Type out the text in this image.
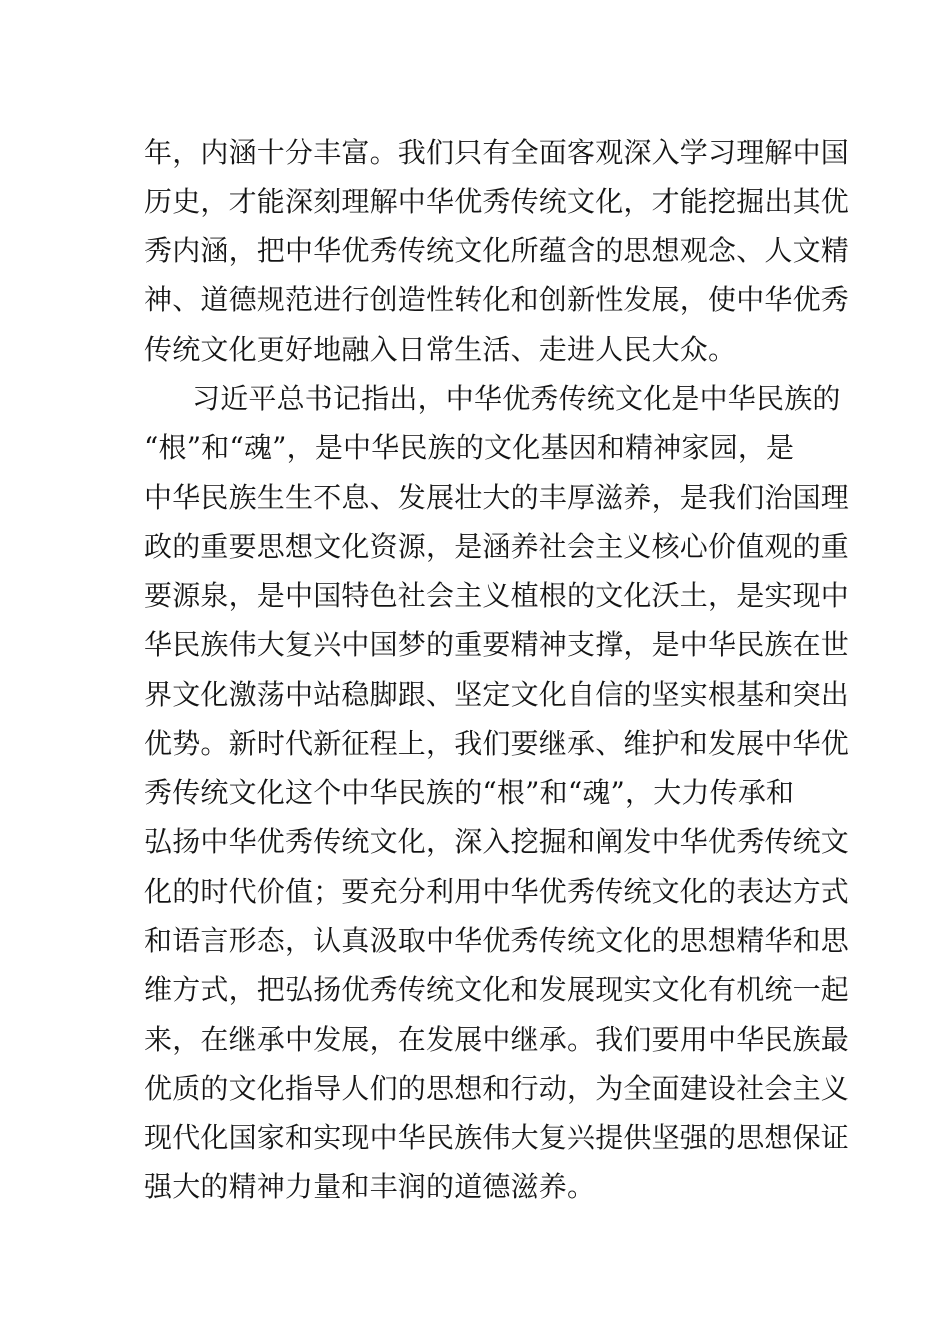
年，内涵十分丰富。我们只有全面客观深入学习理解中国
历史，才能深刻理解中华优秀传统文化，才能挖掘出其优
秀内涵，把中华优秀传统文化所蕴含的思想观念、人文精
神、道德规范进行创造性转化和创新性发展，使中华优秀
传统文化更好地融入日常生活、走进人民大众。
习近平总书记指出，中华优秀传统文化是中华民族的
“根”和“魂”，是中华民族的文化基因和精神家园，是
中华民族生生不息、发展壮大的丰厚滋养，是我们治国理
政的重要思想文化资源，是涵养社会主义核心价值观的重
要源泉，是中国特色社会主义植根的文化沃土，是实现中
华民族伟大复兴中国梦的重要精神支撑，是中华民族在世
界文化激荡中站稳脚跟、坚定文化自信的坚实根基和突出
优势。新时代新征程上，我们要继承、维护和发展中华优
秀传统文化这个中华民族的“根”和“魂”，大力传承和
弘扬中华优秀传统文化，深入挖掘和阐发中华优秀传统文
化的时代价值；要充分利用中华优秀传统文化的表达方式
和语言形态，认真汲取中华优秀传统文化的思想精华和思
维方式，把弘扬优秀传统文化和发展现实文化有机统一起
来，在继承中发展，在发展中继承。我们要用中华民族最
优质的文化指导人们的思想和行动，为全面建设社会主义
现代化国家和实现中华民族伟大复兴提供坚强的思想保证
强大的精神力量和丰润的道德滋养。
